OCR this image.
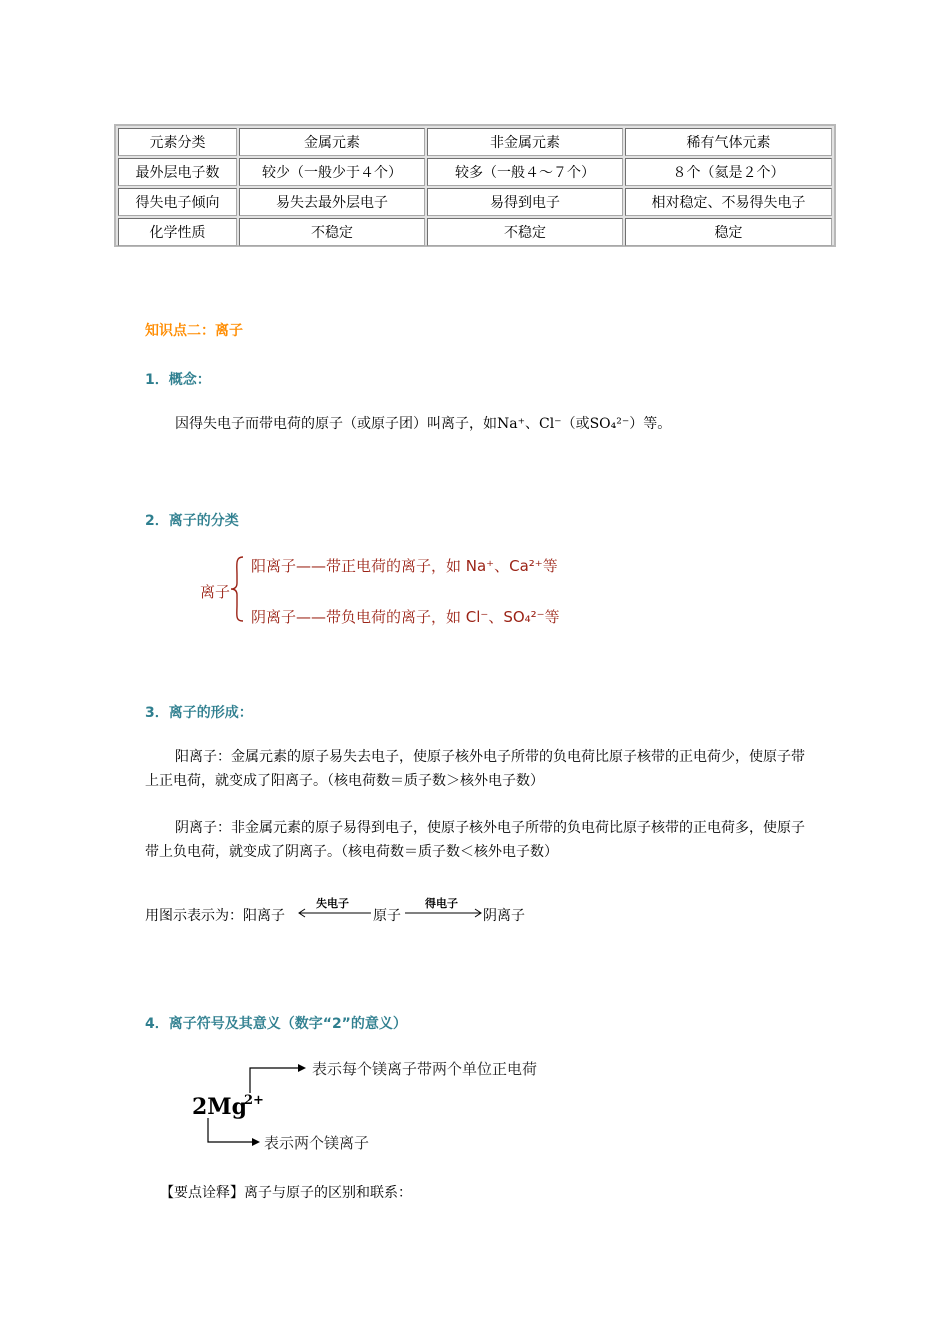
元素分类	金属元素	非金属元素	稀有气体元素
最外层电子数	较少（一般少于４个）	较多（一般４～７个）	８个（氦是２个）
得失电子倾向	易失去最外层电子	易得到电子	相对稳定、不易得失电子
化学性质	不稳定	不稳定	稳定
知识点二：离子
1．概念：
因得失电子而带电荷的原子（或原子团）叫离子，如Na⁺、Cl⁻（或SO₄²⁻）等。
2．离子的分类
离子
阳离子——带正电荷的离子，如 Na⁺、Ca²⁺等
阴离子——带负电荷的离子，如 Cl⁻、SO₄²⁻等
3．离子的形成：
阳离子：金属元素的原子易失去电子，使原子核外电子所带的负电荷比原子核带的正电荷少，使原子带上正电荷，就变成了阳离子。（核电荷数＝质子数＞核外电子数）
阴离子：非金属元素的原子易得到电子，使原子核外电子所带的负电荷比原子核带的正电荷多，使原子带上负电荷，就变成了阴离子。（核电荷数＝质子数＜核外电子数）
用图示表示为：阳离子
失电子
原子
得电子
阴离子
4．离子符号及其意义（数字“2”的意义）
2Mg
2+
表示每个镁离子带两个单位正电荷
表示两个镁离子
【要点诠释】离子与原子的区别和联系：
